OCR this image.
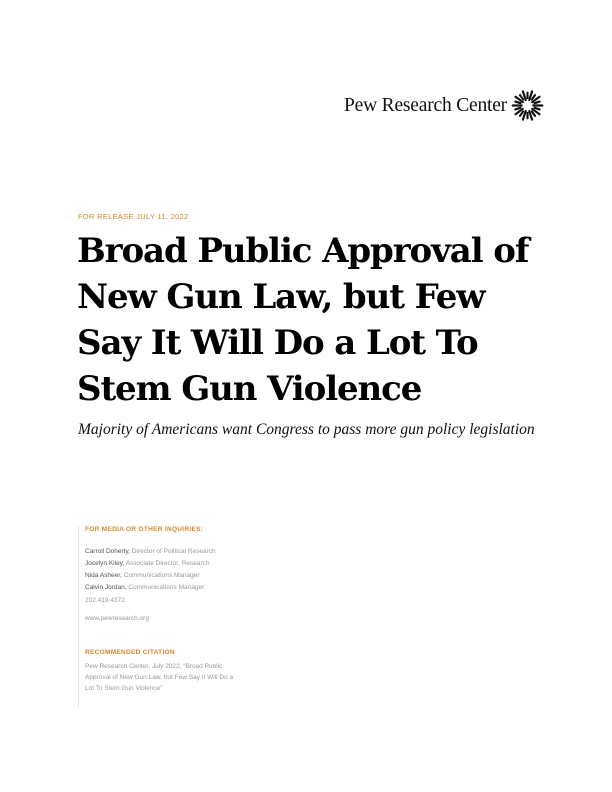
Pew Research Center
FOR RELEASE JULY 11, 2022
Broad Public Approval of
New Gun Law, but Few
Say It Will Do a Lot To
Stem Gun Violence

Majority of Americans want Congress to pass more gun policy legislation

FOR MEDIA OR OTHER INQUIRIES:
Carroll Doherty, Director of Political Research
Jocelyn Kiley, Associate Director, Research
Nida Asheer, Communications Manager
Calvin Jordan, Communications Manager
202.419.4372
www.pewresearch.org
RECOMMENDED CITATION
Pew Research Center, July 2022, “Broad Public
Approval of New Gun Law, but Few Say It Will Do a
Lot To Stem Gun Violence”
